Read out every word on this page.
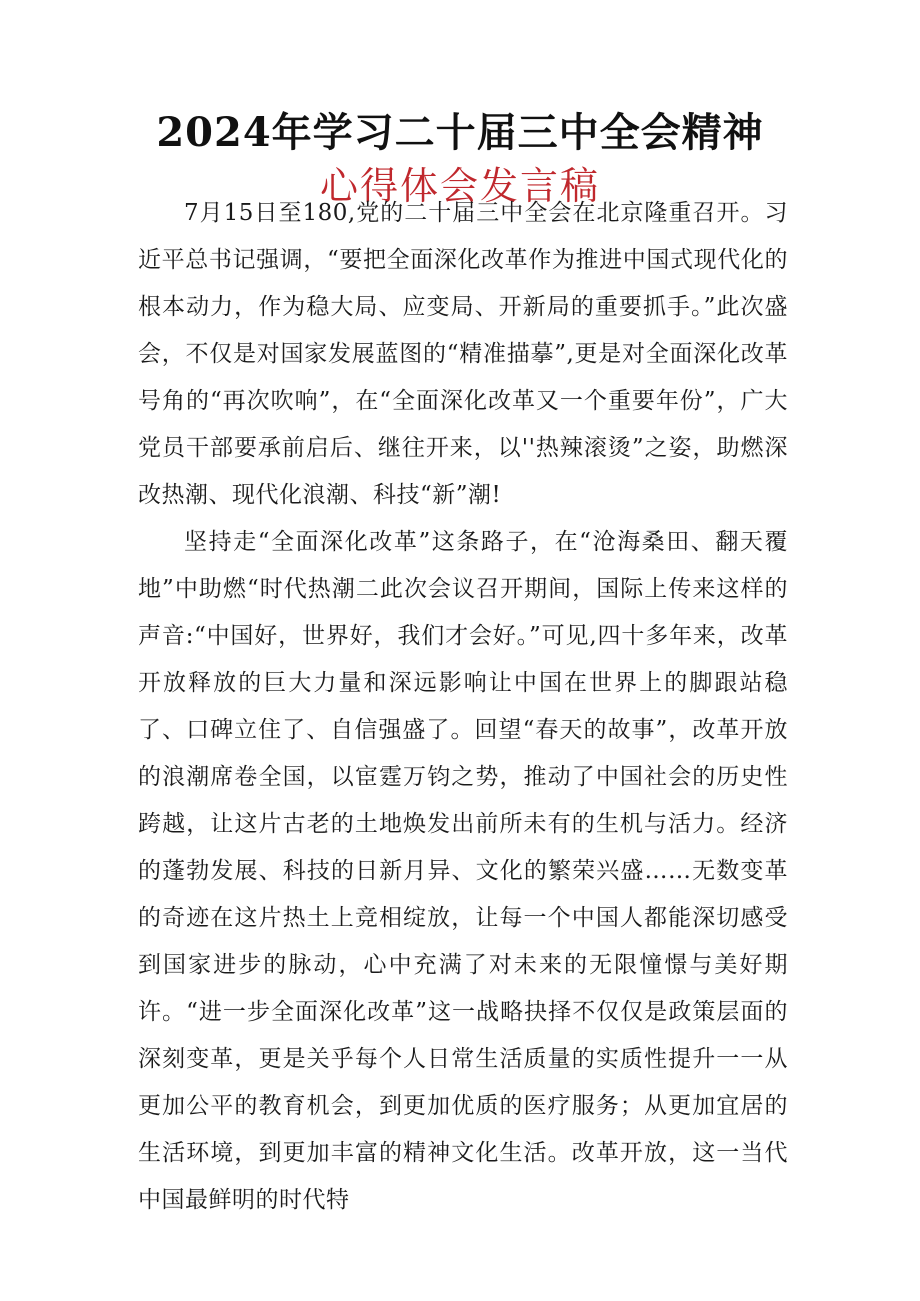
2024年学习二十届三中全会精神
心得体会发言稿

7月15日至180,党的二十届三中全会在北京隆重召开。习近平总书记强调，“要把全面深化改革作为推进中国式现代化的根本动力，作为稳大局、应变局、开新局的重要抓手。”此次盛会，不仅是对国家发展蓝图的“精准描摹”,更是对全面深化改革号角的“再次吹响”，在“全面深化改革又一个重要年份”，广大党员干部要承前启后、继往开来，以''热辣滚烫”之姿，助燃深改热潮、现代化浪潮、科技“新”潮!

坚持走“全面深化改革”这条路子，在“沧海桑田、翻天覆地”中助燃“时代热潮二此次会议召开期间，国际上传来这样的声音:“中国好，世界好，我们才会好。”可见,四十多年来，改革开放释放的巨大力量和深远影响让中国在世界上的脚跟站稳了、口碑立住了、自信强盛了。回望“春天的故事”，改革开放的浪潮席卷全国，以宦霆万钧之势，推动了中国社会的历史性跨越，让这片古老的土地焕发出前所未有的生机与活力。经济的蓬勃发展、科技的日新月异、文化的繁荣兴盛……无数变革的奇迹在这片热土上竞相绽放，让每一个中国人都能深切感受到国家进步的脉动，心中充满了对未来的无限憧憬与美好期许。“进一步全面深化改革”这一战略抉择不仅仅是政策层面的深刻变革，更是关乎每个人日常生活质量的实质性提升一一从更加公平的教育机会，到更加优质的医疗服务；从更加宜居的生活环境，到更加丰富的精神文化生活。改革开放，这一当代中国最鲜明的时代特
